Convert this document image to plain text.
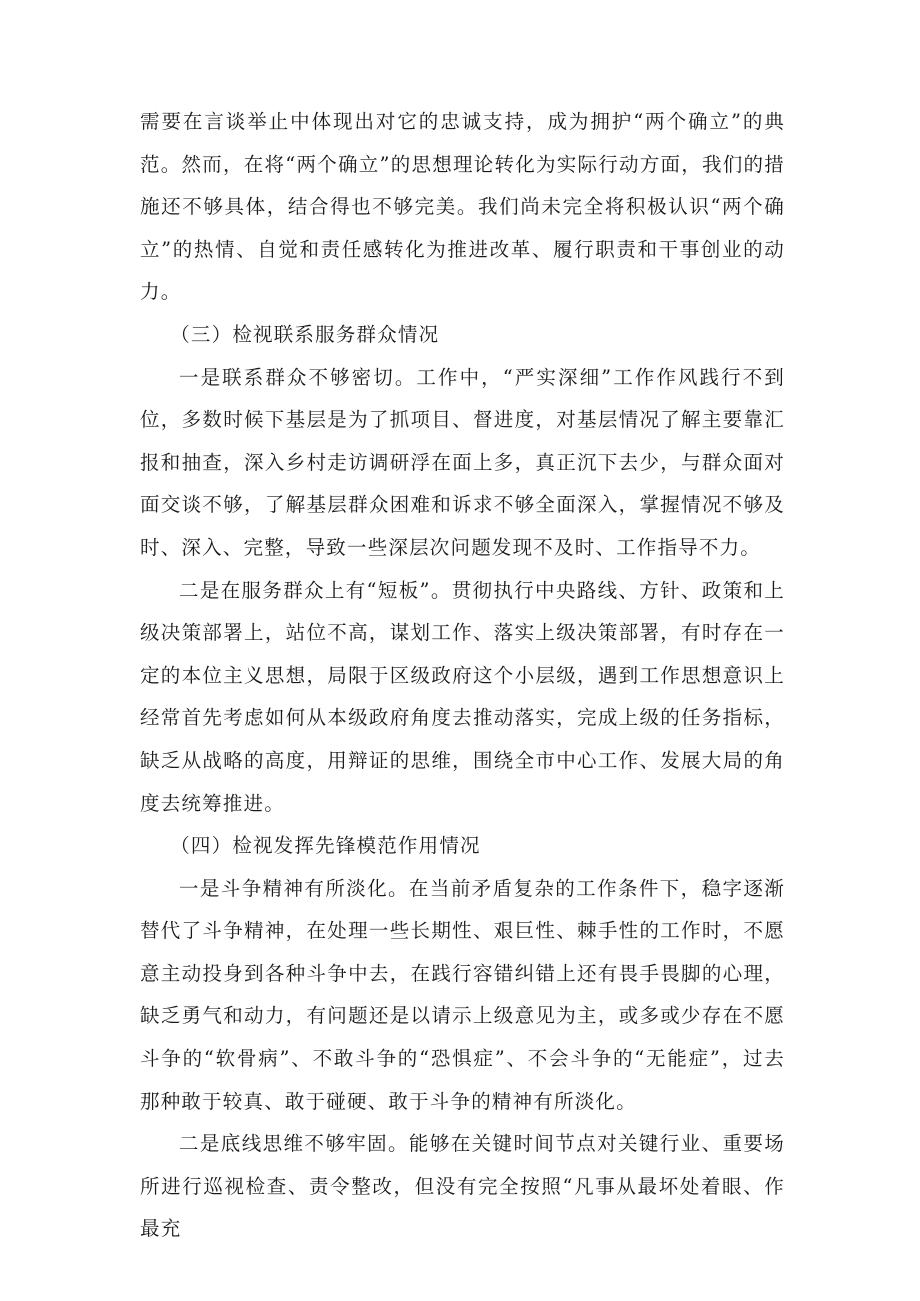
需要在言谈举止中体现出对它的忠诚支持，成为拥护“两个确立”的典范。然而，在将“两个确立”的思想理论转化为实际行动方面，我们的措施还不够具体，结合得也不够完美。我们尚未完全将积极认识“两个确立”的热情、自觉和责任感转化为推进改革、履行职责和干事创业的动力。

（三）检视联系服务群众情况

一是联系群众不够密切。工作中，“严实深细”工作作风践行不到位，多数时候下基层是为了抓项目、督进度，对基层情况了解主要靠汇报和抽查，深入乡村走访调研浮在面上多，真正沉下去少，与群众面对面交谈不够，了解基层群众困难和诉求不够全面深入，掌握情况不够及时、深入、完整，导致一些深层次问题发现不及时、工作指导不力。

二是在服务群众上有“短板”。贯彻执行中央路线、方针、政策和上级决策部署上，站位不高，谋划工作、落实上级决策部署，有时存在一定的本位主义思想，局限于区级政府这个小层级，遇到工作思想意识上经常首先考虑如何从本级政府角度去推动落实，完成上级的任务指标，缺乏从战略的高度，用辩证的思维，围绕全市中心工作、发展大局的角度去统筹推进。

（四）检视发挥先锋模范作用情况

一是斗争精神有所淡化。在当前矛盾复杂的工作条件下，稳字逐渐替代了斗争精神，在处理一些长期性、艰巨性、棘手性的工作时，不愿意主动投身到各种斗争中去，在践行容错纠错上还有畏手畏脚的心理，缺乏勇气和动力，有问题还是以请示上级意见为主，或多或少存在不愿斗争的“软骨病”、不敢斗争的“恐惧症”、不会斗争的“无能症”，过去那种敢于较真、敢于碰硬、敢于斗争的精神有所淡化。

二是底线思维不够牢固。能够在关键时间节点对关键行业、重要场所进行巡视检查、责令整改，但没有完全按照“凡事从最坏处着眼、作最充
